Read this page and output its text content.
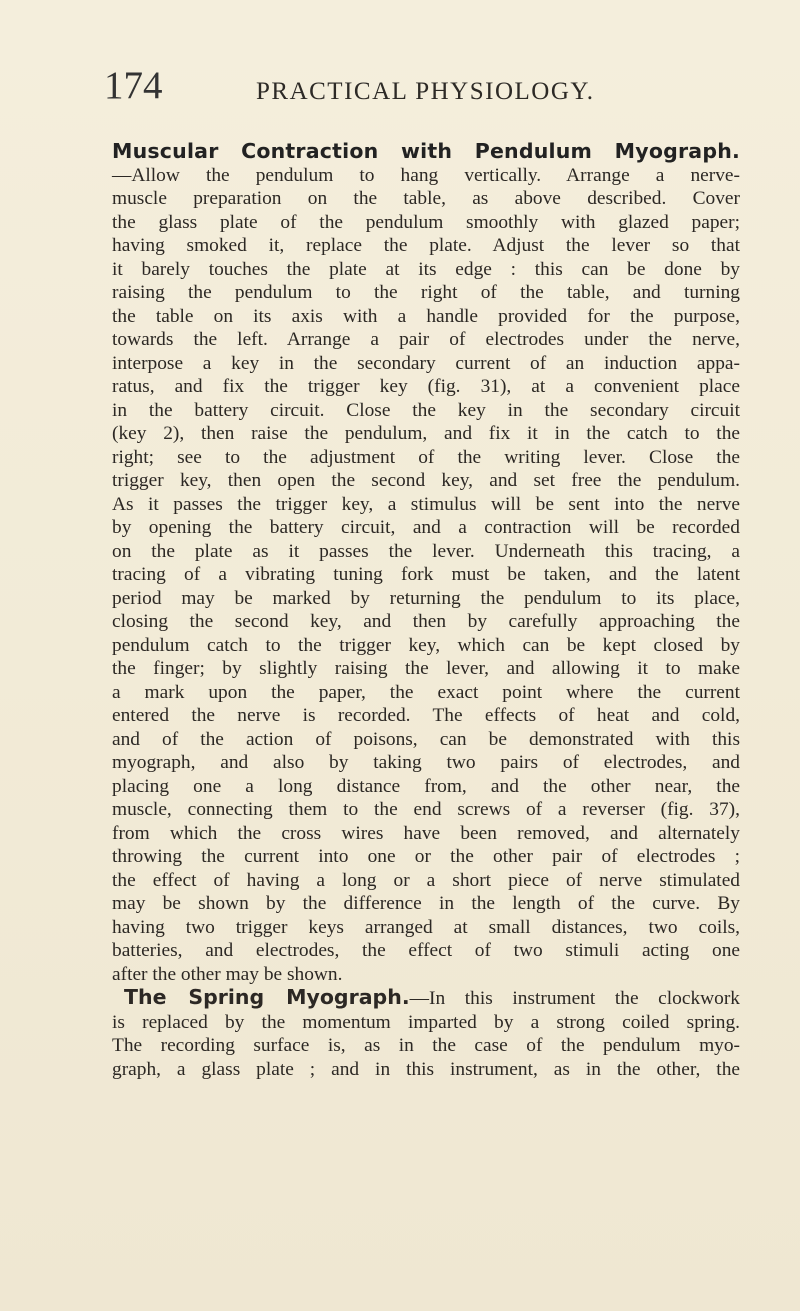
174	PRACTICAL PHYSIOLOGY.
Muscular Contraction with Pendulum Myograph.
—Allow the pendulum to hang vertically. Arrange a nerve-
muscle preparation on the table, as above described. Cover
the glass plate of the pendulum smoothly with glazed paper;
having smoked it, replace the plate. Adjust the lever so that
it barely touches the plate at its edge : this can be done by
raising the pendulum to the right of the table, and turning
the table on its axis with a handle provided for the purpose,
towards the left. Arrange a pair of electrodes under the nerve,
interpose a key in the secondary current of an induction appa-
ratus, and fix the trigger key (fig. 31), at a convenient place
in the battery circuit. Close the key in the secondary circuit
(key 2), then raise the pendulum, and fix it in the catch to the
right; see to the adjustment of the writing lever. Close the
trigger key, then open the second key, and set free the pendulum.
As it passes the trigger key, a stimulus will be sent into the nerve
by opening the battery circuit, and a contraction will be recorded
on the plate as it passes the lever. Underneath this tracing, a
tracing of a vibrating tuning fork must be taken, and the latent
period may be marked by returning the pendulum to its place,
closing the second key, and then by carefully approaching the
pendulum catch to the trigger key, which can be kept closed by
the finger; by slightly raising the lever, and allowing it to make
a mark upon the paper, the exact point where the current
entered the nerve is recorded. The effects of heat and cold,
and of the action of poisons, can be demonstrated with this
myograph, and also by taking two pairs of electrodes, and
placing one a long distance from, and the other near, the
muscle, connecting them to the end screws of a reverser (fig. 37),
from which the cross wires have been removed, and alternately
throwing the current into one or the other pair of electrodes ;
the effect of having a long or a short piece of nerve stimulated
may be shown by the difference in the length of the curve. By
having two trigger keys arranged at small distances, two coils,
batteries, and electrodes, the effect of two stimuli acting one
after the other may be shown.
The Spring Myograph.—In this instrument the clockwork
is replaced by the momentum imparted by a strong coiled spring.
The recording surface is, as in the case of the pendulum myo-
graph, a glass plate ; and in this instrument, as in the other, the
